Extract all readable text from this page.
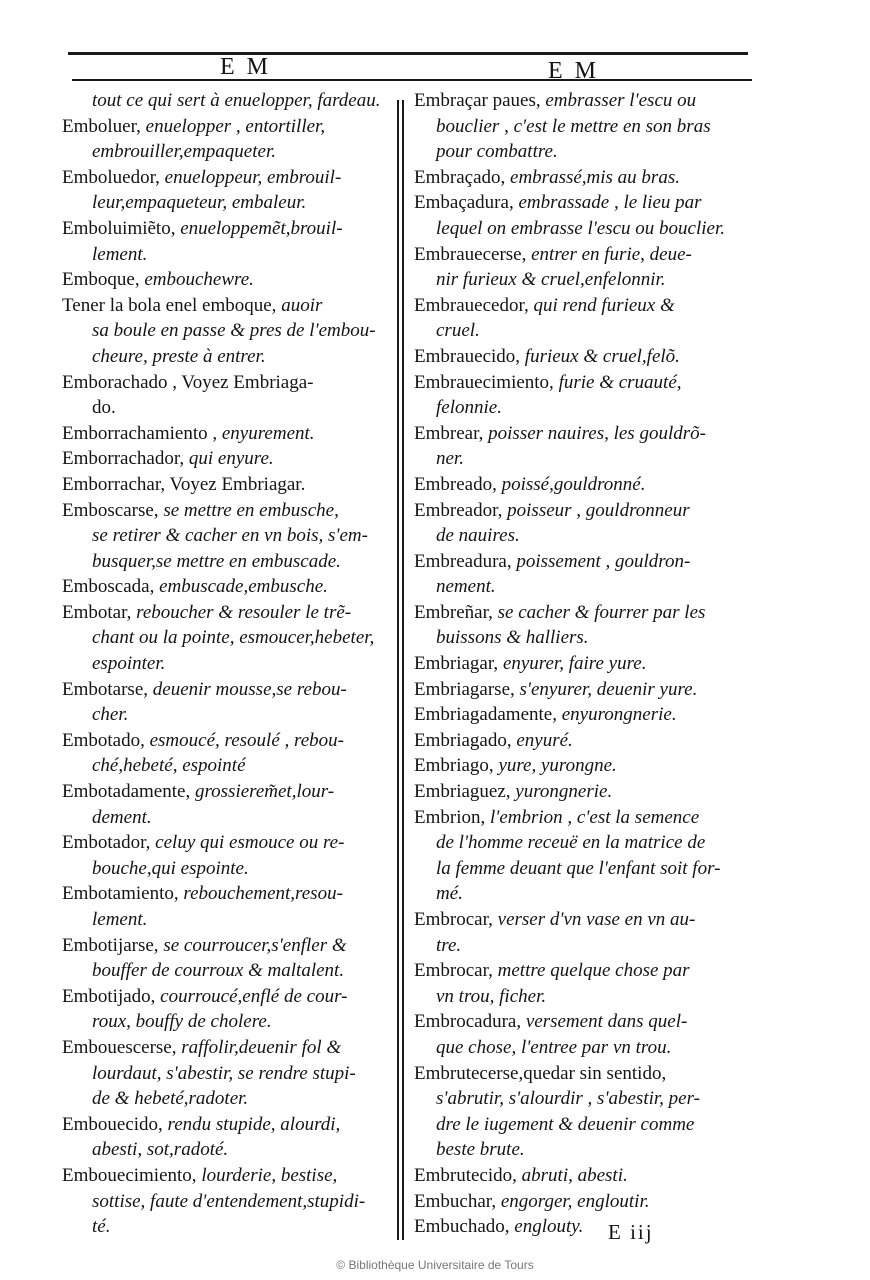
E M	E M
tout ce qui sert à enuelopper, fardeau.
Emboluer, enuelopper , entortiller,
embrouiller,empaqueter.
Emboluedor, enueloppeur, embrouil-
leur,empaqueteur, embaleur.
Emboluimiẽto, enueloppemẽt,brouil-
lement.
Emboque, embouchewre.
Tener la bola enel emboque, auoir
sa boule en passe & pres de l'embou-
cheure, preste à entrer.
Emborachado , Voyez Embriaga-
do.
Emborrachamiento , enyurement.
Emborrachador, qui enyure.
Emborrachar, Voyez Embriagar.
Emboscarse, se mettre en embusche,
se retirer & cacher en vn bois, s'em-
busquer,se mettre en embuscade.
Emboscada, embuscade,embusche.
Embotar, reboucher & resouler le trẽ-
chant ou la pointe, esmoucer,hebeter,
espointer.
Embotarse, deuenir mousse,se rebou-
cher.
Embotado, esmoucé, resoulé , rebou-
ché,hebeté, espointé
Embotadamente, grossierem̃et,lour-
dement.
Embotador, celuy qui esmouce ou re-
bouche,qui espointe.
Embotamiento, rebouchement,resou-
lement.
Embotijarse, se courroucer,s'enfler &
bouffer de courroux & maltalent.
Embotijado, courroucé,enflé de cour-
roux, bouffy de cholere.
Embouescerse, raffolir,deuenir fol &
lourdaut, s'abestir, se rendre stupi-
de & hebeté,radoter.
Embouecido, rendu stupide, alourdi,
abesti, sot,radoté.
Embouecimiento, lourderie, bestise,
sottise, faute d'entendement,stupidi-
té.
Embraçar paues, embrasser l'escu ou
bouclier , c'est le mettre en son bras
pour combattre.
Embraçado, embrassé,mis au bras.
Embaçadura, embrassade , le lieu par
lequel on embrasse l'escu ou bouclier.
Embrauecerse, entrer en furie, deue-
nir furieux & cruel,enfelonnir.
Embrauecedor, qui rend furieux &
cruel.
Embrauecido, furieux & cruel,felõ.
Embrauecimiento, furie & cruauté,
felonnie.
Embrear, poisser nauires, les gouldrõ-
ner.
Embreado, poissé,gouldronné.
Embreador, poisseur , gouldronneur
de nauires.
Embreadura, poissement , gouldron-
nement.
Embreñar, se cacher & fourrer par les
buissons & halliers.
Embriagar, enyurer, faire yure.
Embriagarse, s'enyurer, deuenir yure.
Embriagadamente, enyurongnerie.
Embriagado, enyuré.
Embriago, yure, yurongne.
Embriaguez, yurongnerie.
Embrion, l'embrion , c'est la semence
de l'homme receuë en la matrice de
la femme deuant que l'enfant soit for-
mé.
Embrocar, verser d'vn vase en vn au-
tre.
Embrocar, mettre quelque chose par
vn trou, ficher.
Embrocadura, versement dans quel-
que chose, l'entree par vn trou.
Embrutecerse,quedar sin sentido,
s'abrutir, s'alourdir , s'abestir, per-
dre le iugement & deuenir comme
beste brute.
Embrutecido, abruti, abesti.
Embuchar, engorger, engloutir.
Embuchado, englouty.	E iij
© Bibliothèque Universitaire de Tours
